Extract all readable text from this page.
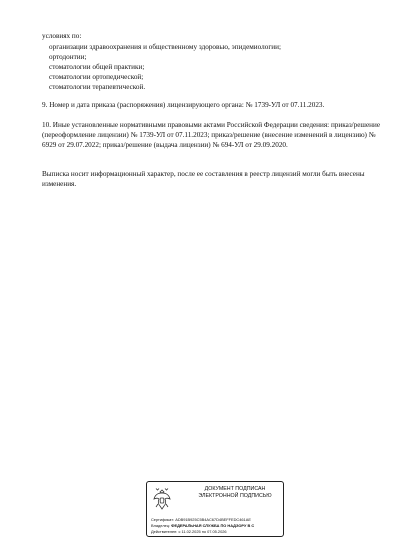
условиях по:

организации здравоохранения и общественному здоровью, эпидемиологии;
ортодонтии;
стоматологии общей практики;
стоматологии ортопедической;
стоматологии терапевтической.

9. Номер и дата приказа (распоряжения) лицензирующего органа: № 1739-УЛ от 07.11.2023.

10. Иные установленные нормативными правовыми актами Российской Федерации сведения: приказ/решение (переоформление лицензии) № 1739-УЛ от 07.11.2023; приказ/решение (внесение изменений в лицензию) № 6929 от 29.07.2022; приказ/решение (выдача лицензии) № 694-УЛ от 29.09.2020.

Выписка носит информационный характер, после ее составления в реестр лицензий могли быть внесены изменения.

ДОКУМЕНТ ПОДПИСАН
ЭЛЕКТРОННОЙ ПОДПИСЬЮ
Сертификат: ADB91B925C5B4AC67D4BEFFEDC461AE
Владелец: ФЕДЕРАЛЬНАЯ СЛУЖБА ПО НАДЗОРУ В С
Действителен: с 11.02.2025 по 07.05.2026
